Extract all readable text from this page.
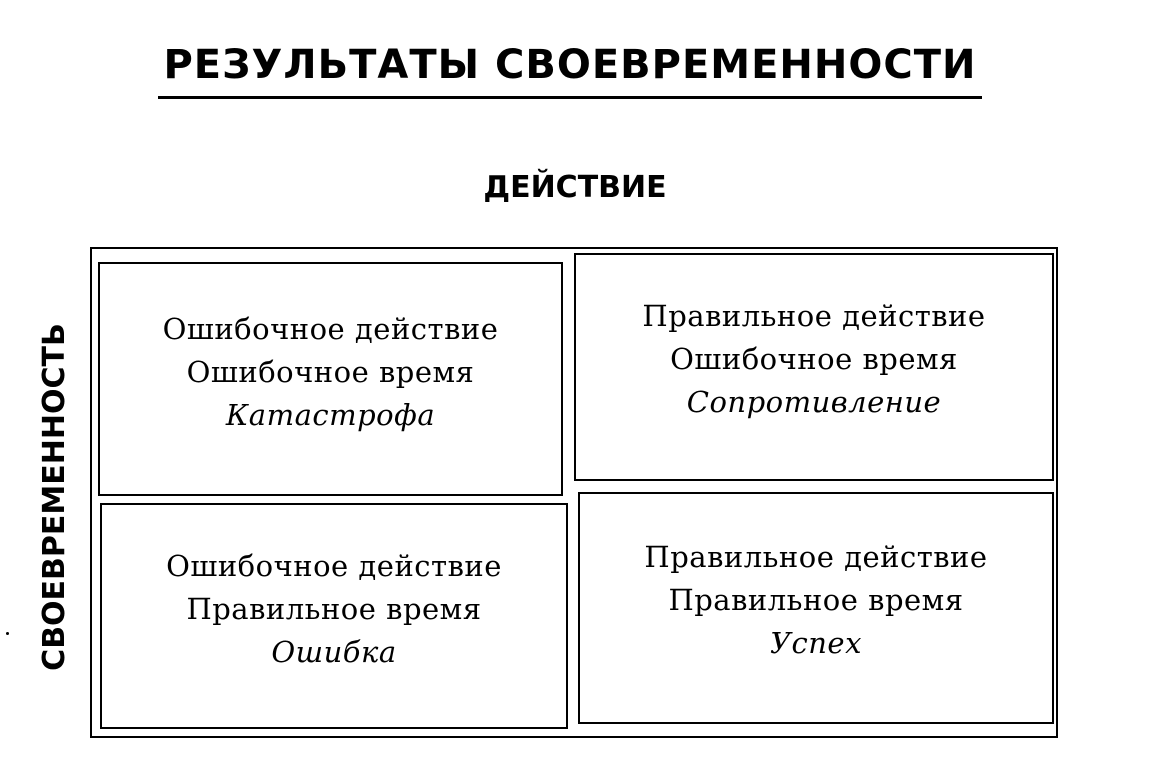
РЕЗУЛЬТАТЫ СВОЕВРЕМЕННОСТИ
ДЕЙСТВИЕ
СВОЕВРЕМЕННОСТЬ	Ошибочное действие
Ошибочное время
Катастрофа
Правильное действие
Ошибочное время
Сопротивление
Ошибочное действие
Правильное время
Ошибка
Правильное действие
Правильное время
Успех
